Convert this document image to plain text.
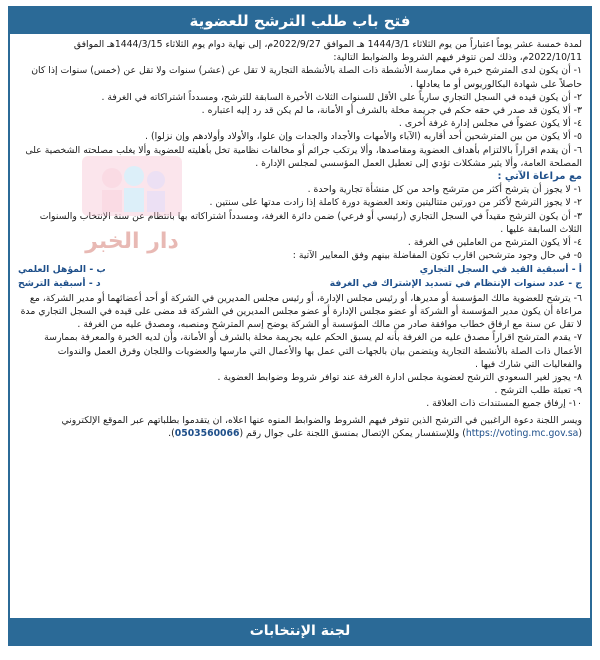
فتح باب طلب الترشح للعضوية
دار الخبر

لمدة خمسة عشر يوماً اعتباراً من يوم الثلاثاء 1444/3/1 هـ الموافق 2022/9/27م، إلى نهاية دوام يوم الثلاثاء 1444/3/15هـ الموافق 2022/10/11م، وذلك لمن تتوفر فيهم الشروط والضوابط التالية:

١- أن يكون لدى المترشح خبرة في ممارسة الأنشطة ذات الصلة بالأنشطة التجارية لا تقل عن (عشر) سنوات ولا تقل عن (خمس) سنوات إذا كان حاصلاً على شهادة البكالوريوس أو ما يعادلها .

٢- أن يكون قيده في السجل التجاري سارياً على الأقل للسنوات الثلاث الأخيرة السابقة للترشح، ومسدداً اشتراكاته في الغرفة .

٣- ألا يكون قد صدر في حقه حكم في جريمة مخلة بالشرف أو الأمانة، ما لم يكن قد رد إليه اعتباره .

٤- ألا يكون عضواً في مجلس إدارة غرفة أخرى .

٥- ألا يكون من بين المترشحين أحد أقاربه (الآباء والأمهات والأجداد والجدات وإن علوا، والأولاد وأولادهم وإن نزلوا) .

٦- أن يقدم اقراراً بالالتزام بأهداف العضوية ومقاصدها، وألا يرتكب جرائم أو مخالفات نظامية تخل بأهليته للعضوية وألا يغلب مصلحته الشخصية على المصلحة العامة، وألا يثير مشكلات تؤدي إلى تعطيل العمل المؤسسي لمجلس الإدارة .

مع مراعاة الآتي :

١- لا يجوز أن يترشح أكثر من مترشح واحد من كل منشأة تجارية واحدة .

٢- لا يجوز الترشح لأكثر من دورتين متتاليتين وتعد العضوية دورة كاملة إذا زادت مدتها على سنتين .

٣- أن يكون الترشح مقيداً في السجل التجاري (رئيسي أو فرعي) ضمن دائرة الغرفة، ومسدداً اشتراكاته بها بانتظام عن سنة الإنتخاب والسنوات الثلاث السابقة عليها .

٤- ألا يكون المترشح من العاملين في الغرفة .

٥- في حال وجود مترشحين اقارب تكون المفاضلة بينهم وفق المعايير الآتية :

أ - أسبقية القيد في السجل التجاري
ب - المؤهل العلمي
ج - عدد سنوات الإنتظام في تسديد الإشتراك في الغرفة
د - أسبقية الترشح

٦- يترشح للعضوية مالك المؤسسة أو مديرها، أو رئيس مجلس الإدارة، أو رئيس مجلس المديرين في الشركة أو أحد أعضائهما أو مدير الشركة، مع مراعاة أن يكون مدير المؤسسة أو الشركة أو عضو مجلس الإدارة أو عضو مجلس المديرين في الشركة قد مضى على قيده في السجل التجاري مدة لا تقل عن سنة مع ارفاق خطاب موافقة صادر من مالك المؤسسة أو الشركة يوضح إسم المترشح ومنصبه، ومصدق عليه من الغرفة .

٧- يقدم المترشح اقراراً مصدق عليه من الغرفة بأنه لم يسبق الحكم عليه بجريمة مخلة بالشرف أو الأمانة، وأن لديه الخبرة والمعرفة بممارسة الأعمال ذات الصلة بالأنشطة التجارية ويتضمن بيان بالجهات التي عمل بها والأعمال التي مارسها والعضويات واللجان وفرق العمل والندوات والفعاليات التي شارك فيها .

٨- يجوز لغير السعودي الترشح لعضوية مجلس ادارة الغرفة عند توافر شروط وضوابط العضوية .

٩- تعبئة طلب الترشح .

١٠- إرفاق جميع المستندات ذات العلاقة .

ويسر اللجنة دعوة الراغبين في الترشح الذين تتوفر فيهم الشروط والضوابط المنوه عنها اعلاه، ان يتقدموا بطلباتهم عبر الموقع الإلكتروني (https://voting.mc.gov.sa) وللإستفسار يمكن الإتصال بمنسق اللجنة على جوال رقم (0503560066).

لجنة الإنتخابات
